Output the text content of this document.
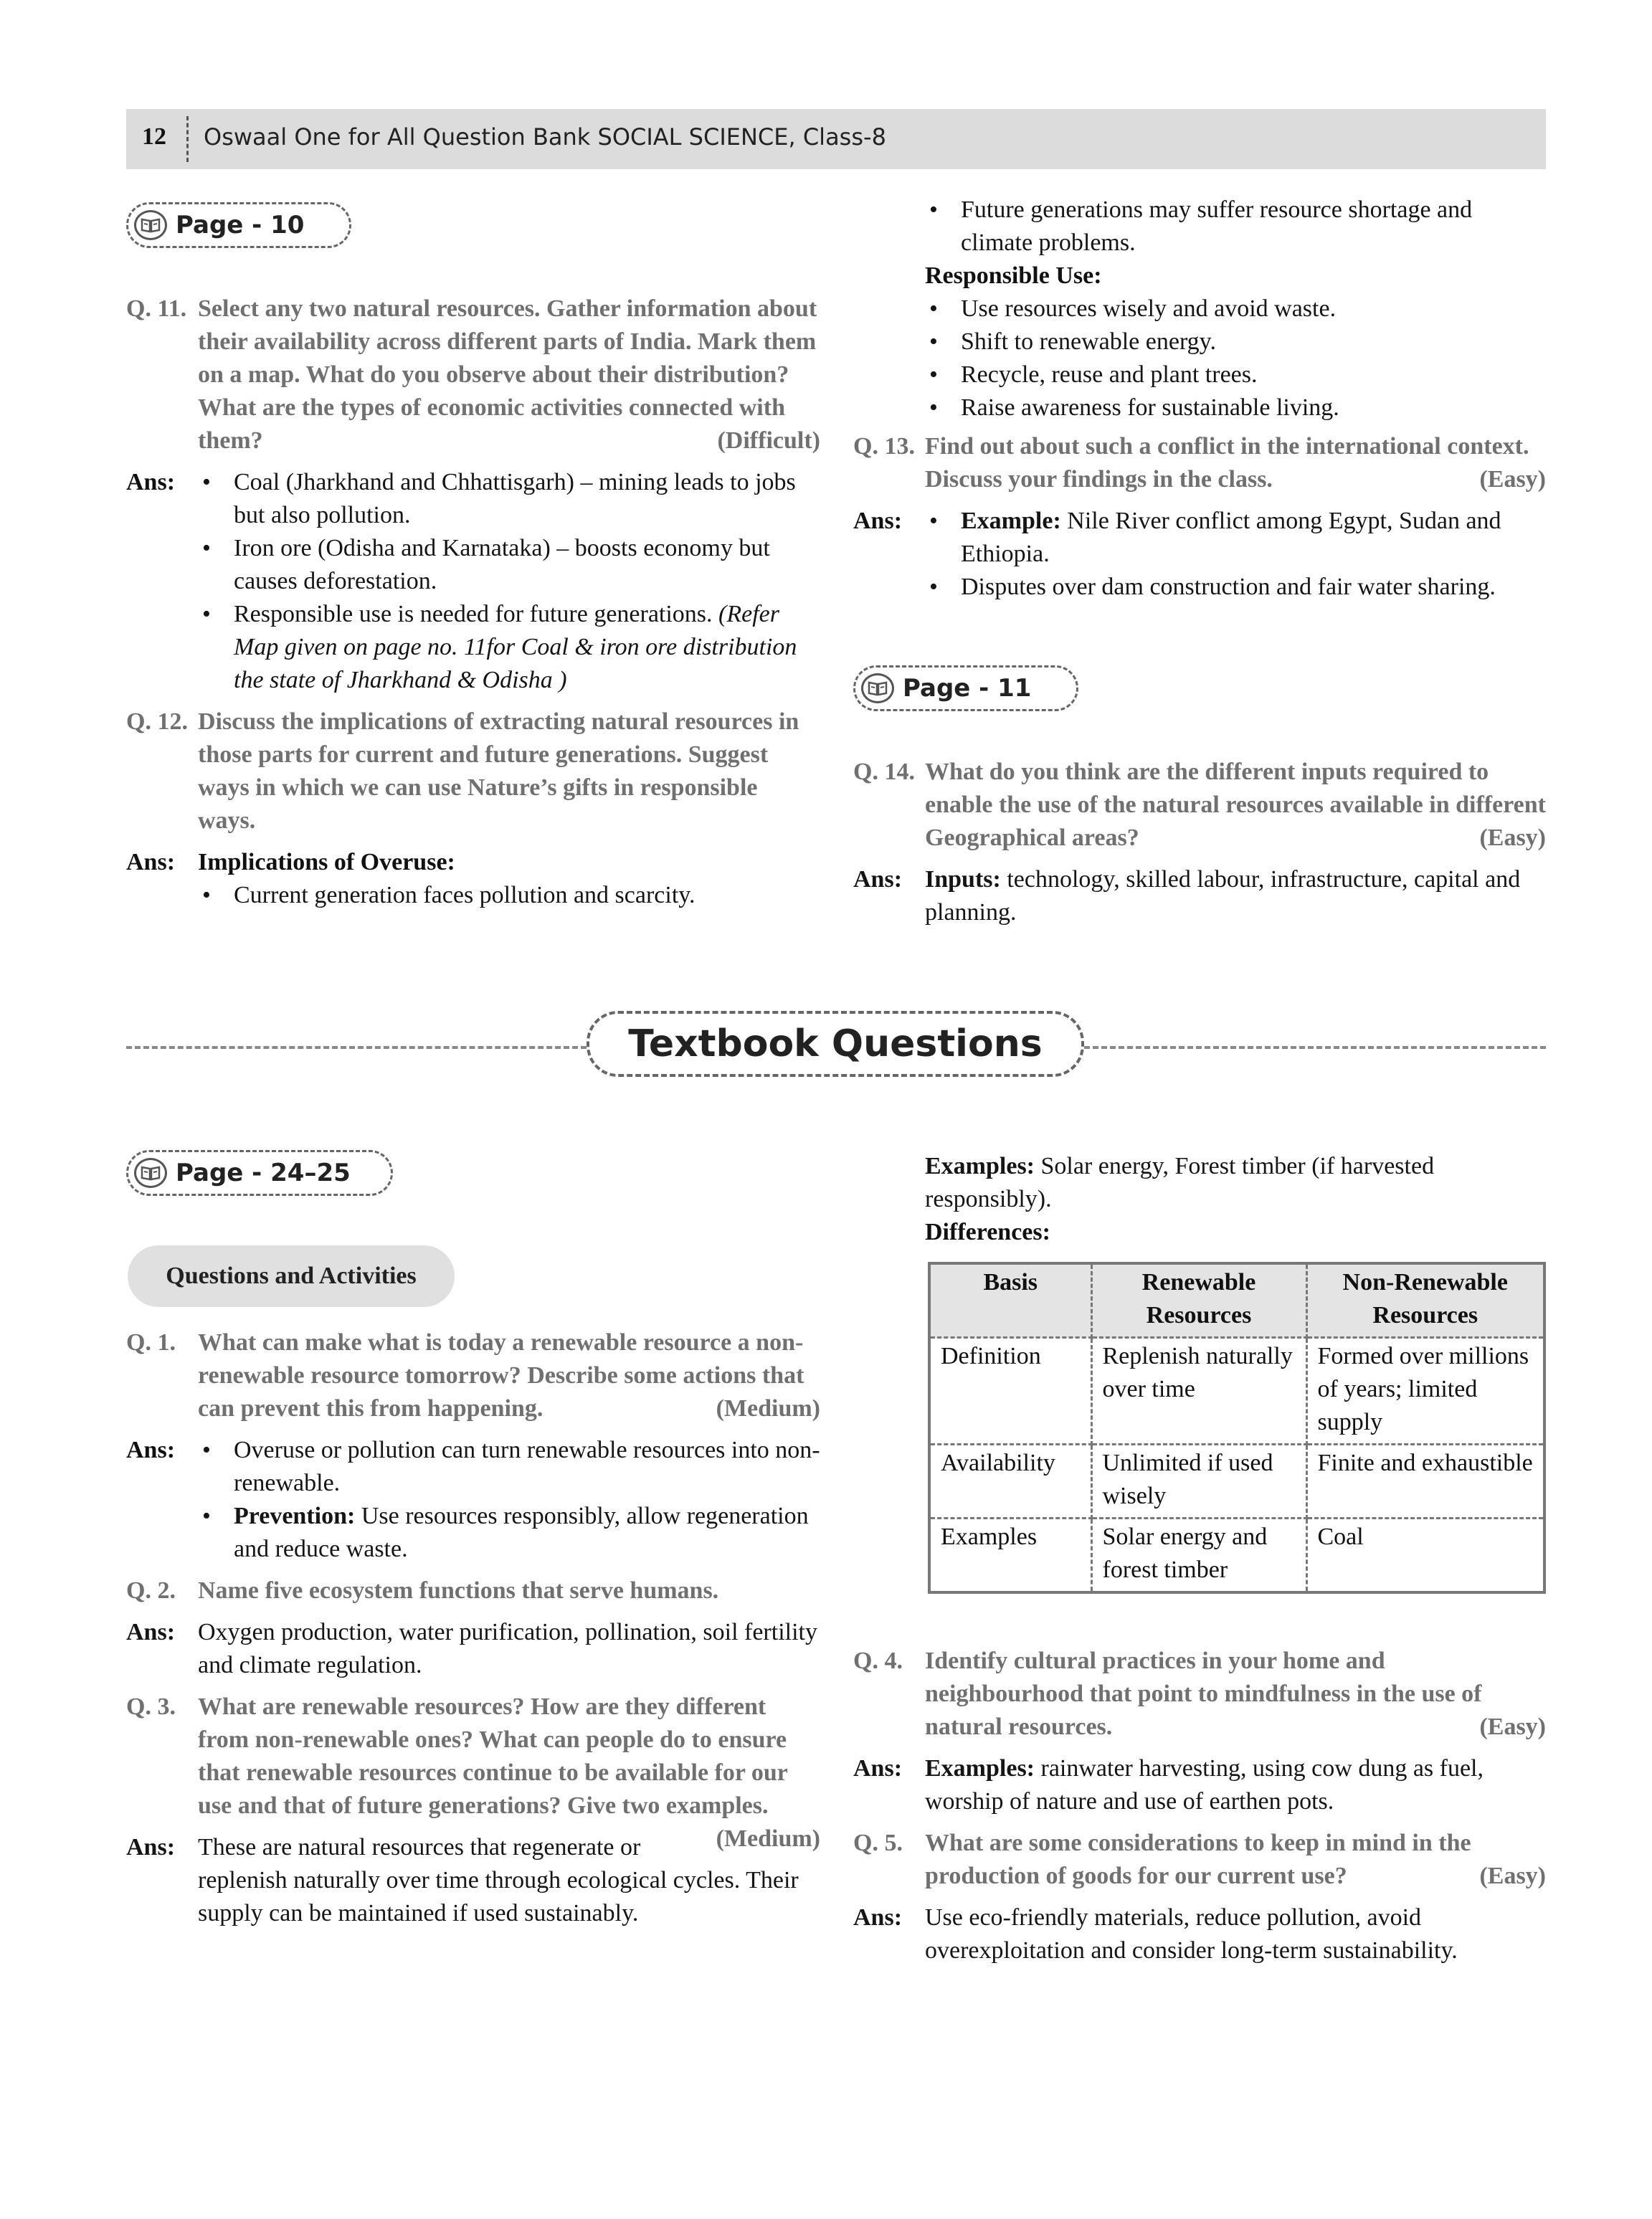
12 Oswaal One for All Question Bank SOCIAL SCIENCE, Class-8
Page - 10
Page - 11
Page - 24–25
Q. 11. Select any two natural resources. Gather information about their availability across different parts of India. Mark them on a map. What do you observe about their distribution? What are the types of economic activities connected with them?	(Difficult)
Ans:	• Coal (Jharkhand and Chhattisgarh) – mining leads to jobs but also pollution.
• Iron ore (Odisha and Karnataka) – boosts economy but causes deforestation.
• Responsible use is needed for future generations. (Refer Map given on page no. 11for Coal & iron ore distribution the state of Jharkhand & Odisha )
Q. 12. Discuss the implications of extracting natural resources in those parts for current and future generations. Suggest ways in which we can use Nature’s gifts in responsible ways.
Ans: Implications of Overuse:
• Current generation faces pollution and scarcity.
• Future generations may suffer resource shortage and climate problems.
Responsible Use:
• Use resources wisely and avoid waste.
• Shift to renewable energy.
• Recycle, reuse and plant trees.
• Raise awareness for sustainable living.
Q. 13. Find out about such a conflict in the international context. Discuss your findings in the class.	(Easy)
Ans:	• Example: Nile River conflict among Egypt, Sudan and Ethiopia.
• Disputes over dam construction and fair water sharing.
Q. 14. What do you think are the different inputs required to enable the use of the natural resources available in different Geographical areas?	(Easy)
Ans: Inputs: technology, skilled labour, infrastructure, capital and planning.
Textbook Questions
Questions and Activities
Q. 1. What can make what is today a renewable resource a non-renewable resource tomorrow? Describe some actions that can prevent this from happening.	(Medium)
Ans:	• Overuse or pollution can turn renewable resources into non-renewable.
• Prevention: Use resources responsibly, allow regeneration and reduce waste.
Q. 2. Name five ecosystem functions that serve humans.
Ans: Oxygen production, water purification, pollination, soil fertility and climate regulation.
Q. 3. What are renewable resources? How are they different from non-renewable ones? What can people do to ensure that renewable resources continue to be available for our use and that of future generations? Give two examples.
(Medium)
Ans: These are natural resources that regenerate or replenish naturally over time through ecological cycles. Their supply can be maintained if used sustainably.
Examples: Solar energy, Forest timber (if harvested responsibly).
Differences:
Basis	Renewable Resources	Non-Renewable Resources
Definition	Replenish naturally over time	Formed over millions of years; limited supply
Availability	Unlimited if used wisely	Finite and exhaustible
Examples	Solar energy and forest timber	Coal
Q. 4. Identify cultural practices in your home and neighbourhood that point to mindfulness in the use of natural resources.	(Easy)
Ans: Examples: rainwater harvesting, using cow dung as fuel, worship of nature and use of earthen pots.
Q. 5. What are some considerations to keep in mind in the production of goods for our current use?	(Easy)
Ans: Use eco-friendly materials, reduce pollution, avoid overexploitation and consider long-term sustainability.
